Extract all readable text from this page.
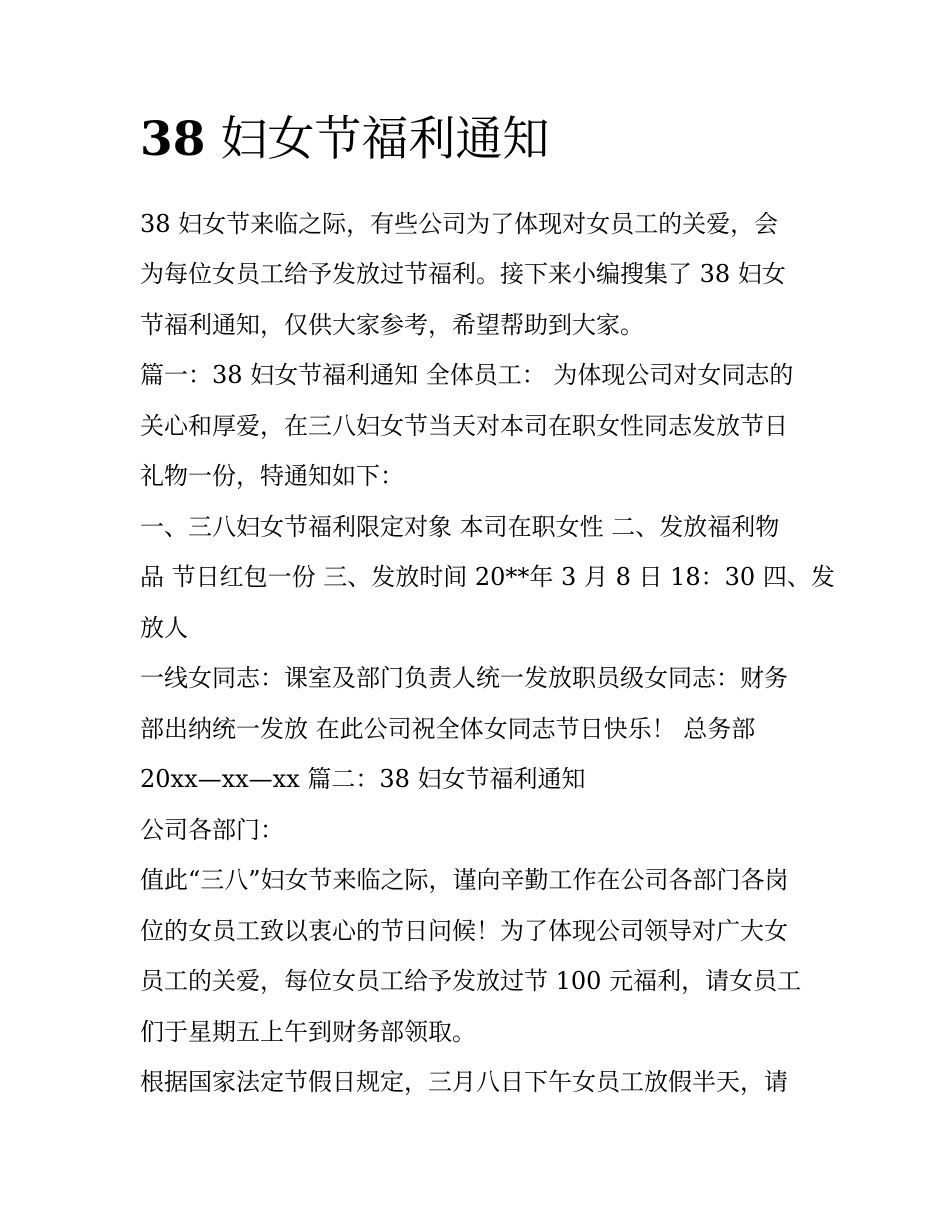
38 妇女节福利通知

38 妇女节来临之际，有些公司为了体现对女员工的关爱，会

为每位女员工给予发放过节福利。接下来小编搜集了 38 妇女

节福利通知，仅供大家参考，希望帮助到大家。

篇一：38 妇女节福利通知 全体员工： 为体现公司对女同志的

关心和厚爱，在三八妇女节当天对本司在职女性同志发放节日

礼物一份，特通知如下：

一、三八妇女节福利限定对象 本司在职女性 二、发放福利物

品 节日红包一份 三、发放时间 20**年 3 月 8 日 18：30 四、发

放人

一线女同志：课室及部门负责人统一发放职员级女同志：财务

部出纳统一发放 在此公司祝全体女同志节日快乐！ 总务部

20xx—xx—xx 篇二：38 妇女节福利通知

公司各部门：

值此“三八”妇女节来临之际，谨向辛勤工作在公司各部门各岗

位的女员工致以衷心的节日问候！为了体现公司领导对广大女

员工的关爱，每位女员工给予发放过节 100 元福利，请女员工

们于星期五上午到财务部领取。

根据国家法定节假日规定，三月八日下午女员工放假半天，请
